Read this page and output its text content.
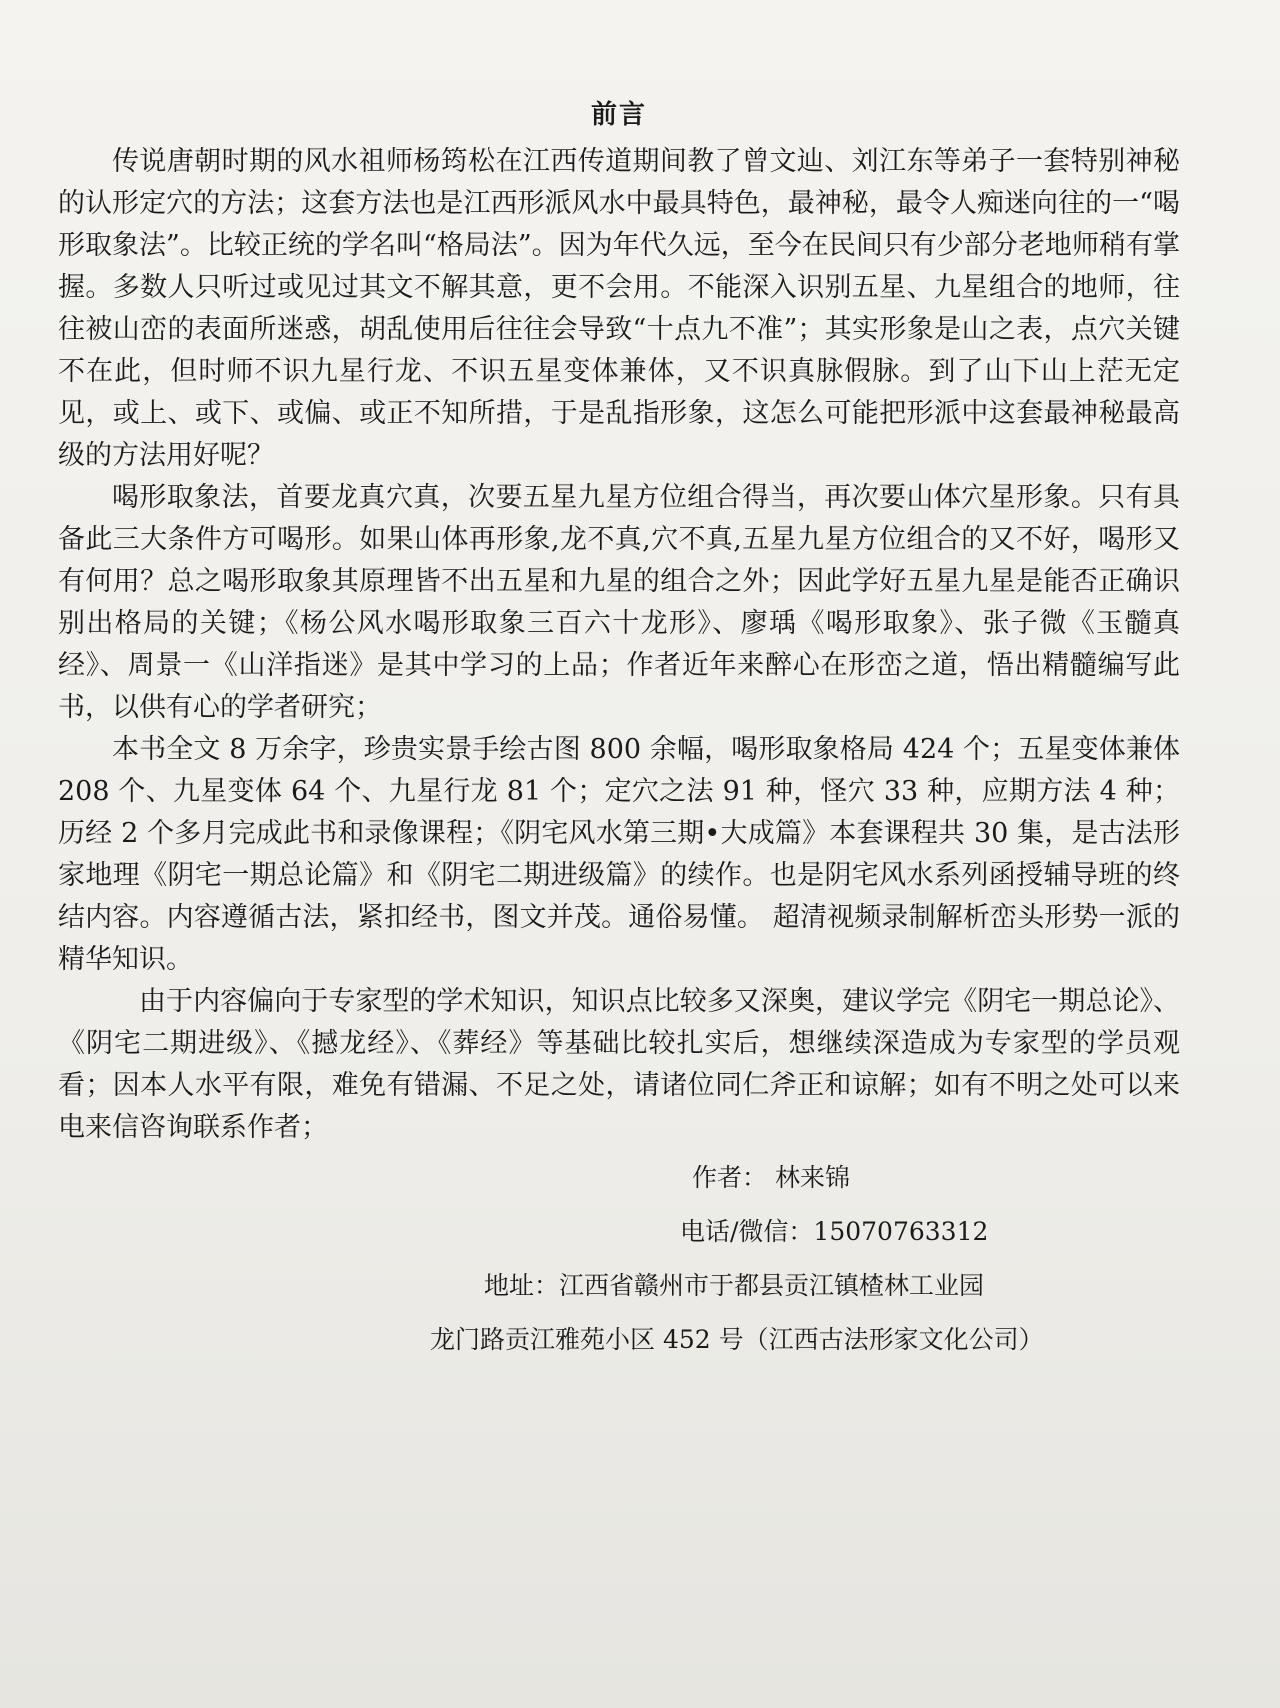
前言

传说唐朝时期的风水祖师杨筠松在江西传道期间教了曾文辿、刘江东等弟子一套特别神秘的认形定穴的方法；这套方法也是江西形派风水中最具特色，最神秘，最令人痴迷向往的一“喝形取象法”。比较正统的学名叫“格局法”。因为年代久远，至今在民间只有少部分老地师稍有掌握。多数人只听过或见过其文不解其意，更不会用。不能深入识别五星、九星组合的地师，往往被山峦的表面所迷惑，胡乱使用后往往会导致“十点九不准”；其实形象是山之表，点穴关键不在此，但时师不识九星行龙、不识五星变体兼体，又不识真脉假脉。到了山下山上茫无定见，或上、或下、或偏、或正不知所措，于是乱指形象，这怎么可能把形派中这套最神秘最高级的方法用好呢？

喝形取象法，首要龙真穴真，次要五星九星方位组合得当，再次要山体穴星形象。只有具备此三大条件方可喝形。如果山体再形象,龙不真,穴不真,五星九星方位组合的又不好，喝形又有何用？总之喝形取象其原理皆不出五星和九星的组合之外；因此学好五星九星是能否正确识别出格局的关键；《杨公风水喝形取象三百六十龙形》、廖瑀《喝形取象》、张子微《玉髓真经》、周景一《山洋指迷》是其中学习的上品；作者近年来醉心在形峦之道，悟出精髓编写此书，以供有心的学者研究；

本书全文 8 万余字，珍贵实景手绘古图 800 余幅，喝形取象格局 424 个；五星变体兼体 208 个、九星变体 64 个、九星行龙 81 个；定穴之法 91 种，怪穴 33 种，应期方法 4 种；历经 2 个多月完成此书和录像课程；《阴宅风水第三期•大成篇》本套课程共 30 集，是古法形家地理《阴宅一期总论篇》和《阴宅二期进级篇》的续作。也是阴宅风水系列函授辅导班的终结内容。内容遵循古法，紧扣经书，图文并茂。通俗易懂。 超清视频录制解析峦头形势一派的精华知识。

由于内容偏向于专家型的学术知识，知识点比较多又深奥，建议学完《阴宅一期总论》、《阴宅二期进级》、《撼龙经》、《葬经》等基础比较扎实后，想继续深造成为专家型的学员观看；因本人水平有限，难免有错漏、不足之处，请诸位同仁斧正和谅解；如有不明之处可以来电来信咨询联系作者；

作者： 林来锦
电话/微信：15070763312
地址：江西省赣州市于都县贡江镇楂林工业园
龙门路贡江雅苑小区 452 号（江西古法形家文化公司）
